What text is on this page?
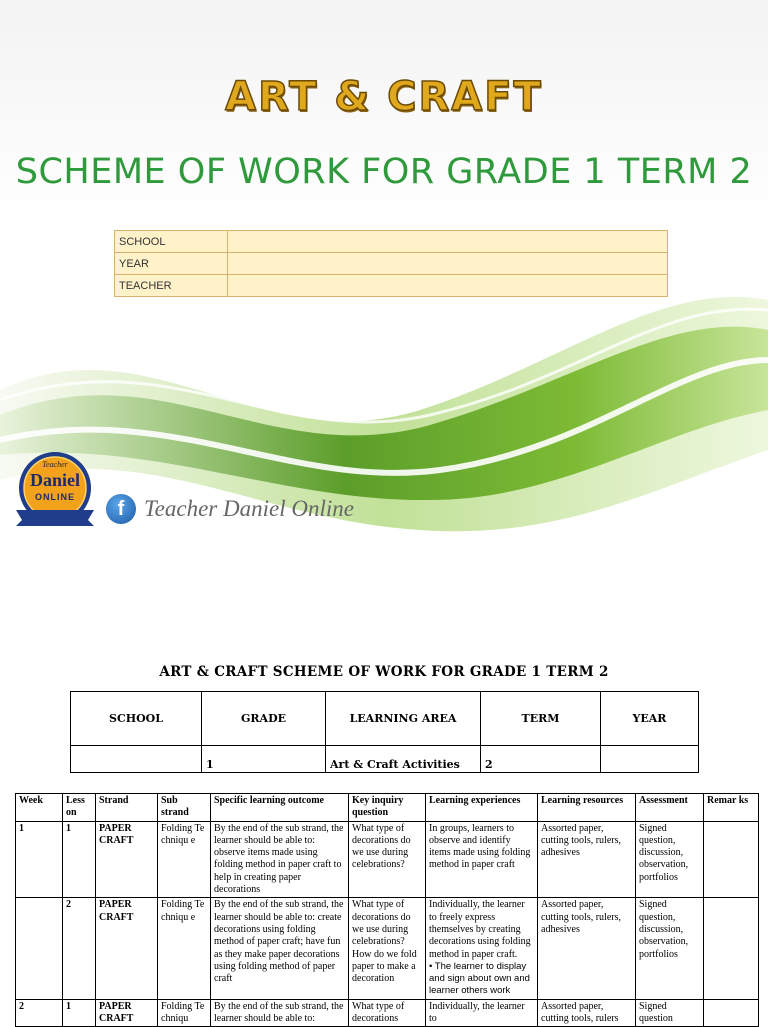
ART & CRAFT
SCHEME OF WORK FOR GRADE 1 TERM 2
SCHOOL	
YEAR	
TEACHER	
Teacher
Daniel
ONLINE
f Teacher Daniel Online
ART & CRAFT SCHEME OF WORK FOR GRADE 1 TERM 2
SCHOOL	GRADE	LEARNING AREA	TERM	YEAR
	1	Art & Craft Activities	2	
Week	Less on	Strand	Sub strand	Specific learning outcome	Key inquiry question	Learning experiences	Learning resources	Assessment	Remar ks
1	1	PAPER CRAFT	Folding Techniqu e	By the end of the sub strand, the learner should be able to: observe items made using folding method in paper craft to help in creating paper decorations	What type of decorations do we use during celebrations?	In groups, learners to observe and identify items made using folding method in paper craft	Assorted paper, cutting tools, rulers, adhesives	Signed question, discussion, observation, portfolios	
	2	PAPER CRAFT	Folding Techniqu e	By the end of the sub strand, the learner should be able to: create decorations using folding method of paper craft; have fun as they make paper decorations using folding method of paper craft	What type of decorations do we use during celebrations? How do we fold paper to make a decoration	Individually, the learner to freely express themselves by creating decorations using folding method in paper craft.
• The learner to display and sign about own and learner others work	Assorted paper, cutting tools, rulers, adhesives	Signed question, discussion, observation, portfolios	
2	1	PAPER CRAFT	Folding Techniqu	By the end of the sub strand, the learner should be able to:	What type of decorations	Individually, the learner to	Assorted paper, cutting tools, rulers	Signed question	
